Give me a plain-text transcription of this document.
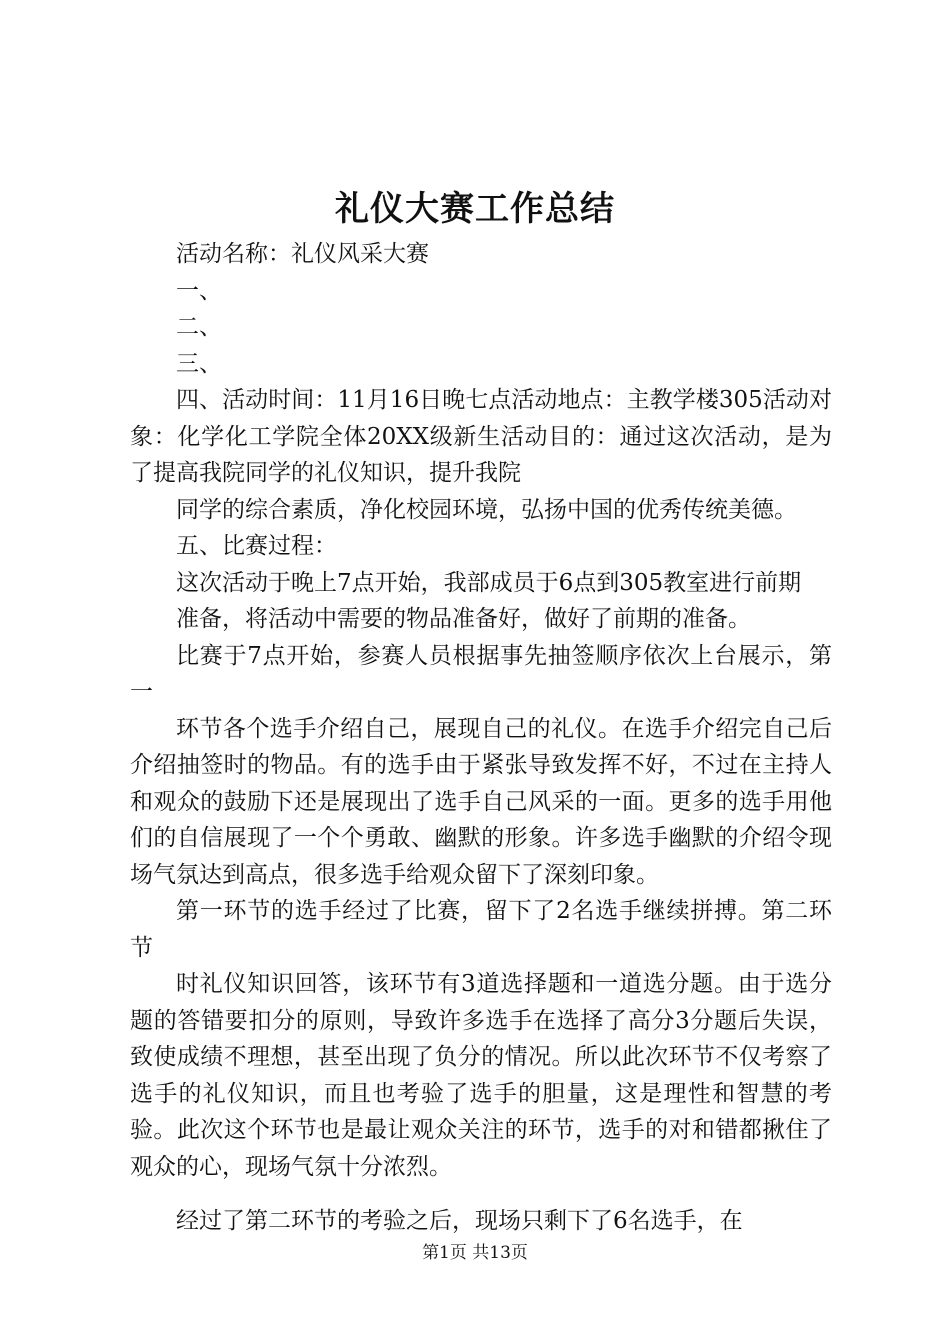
礼仪大赛工作总结

活动名称：礼仪风采大赛

一、

二、

三、

四、活动时间：11月16日晚七点活动地点：主教学楼305活动对象：化学化工学院全体20XX级新生活动目的：通过这次活动，是为了提高我院同学的礼仪知识，提升我院

同学的综合素质，净化校园环境，弘扬中国的优秀传统美德。

五、比赛过程：

这次活动于晚上7点开始，我部成员于6点到305教室进行前期

准备，将活动中需要的物品准备好，做好了前期的准备。

比赛于7点开始，参赛人员根据事先抽签顺序依次上台展示，第一

环节各个选手介绍自己，展现自己的礼仪。在选手介绍完自己后介绍抽签时的物品。有的选手由于紧张导致发挥不好，不过在主持人和观众的鼓励下还是展现出了选手自己风采的一面。更多的选手用他们的自信展现了一个个勇敢、幽默的形象。许多选手幽默的介绍令现场气氛达到高点，很多选手给观众留下了深刻印象。

第一环节的选手经过了比赛，留下了2名选手继续拼搏。第二环节

时礼仪知识回答，该环节有3道选择题和一道选分题。由于选分题的答错要扣分的原则，导致许多选手在选择了高分3分题后失误，致使成绩不理想，甚至出现了负分的情况。所以此次环节不仅考察了选手的礼仪知识，而且也考验了选手的胆量，这是理性和智慧的考验。此次这个环节也是最让观众关注的环节，选手的对和错都揪住了观众的心，现场气氛十分浓烈。

经过了第二环节的考验之后，现场只剩下了6名选手，在

第1页 共13页
